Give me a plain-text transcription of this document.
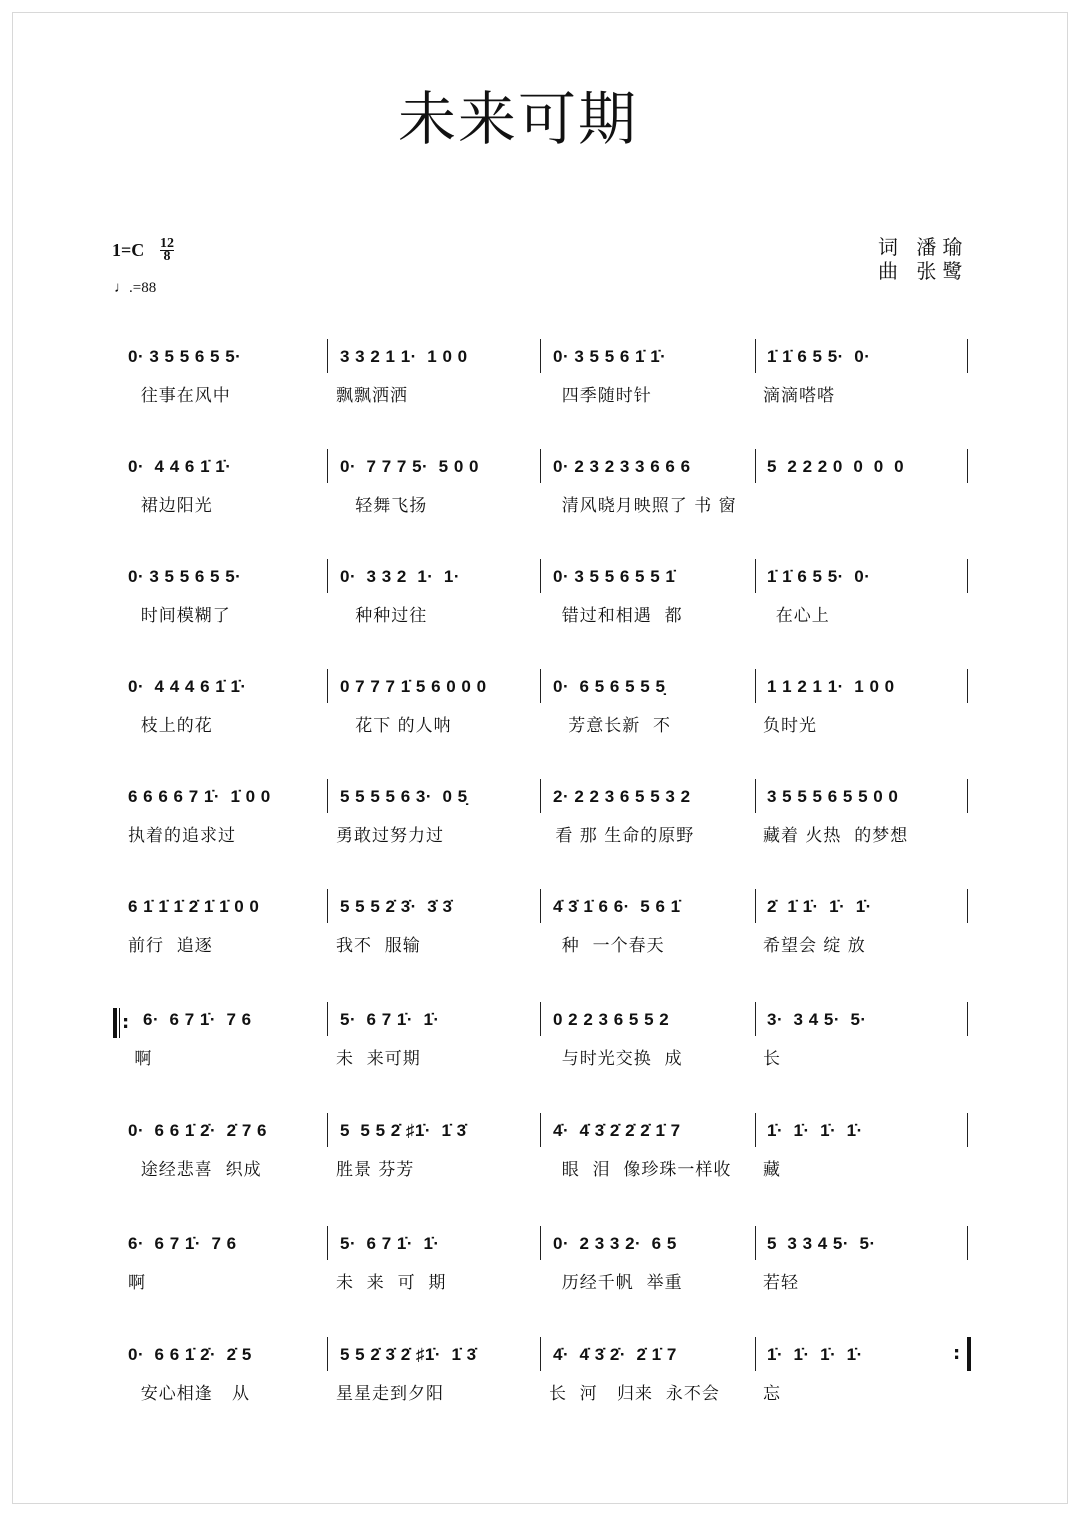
未来可期
1=C 12
8
♩.=88
词 潘瑜
曲 张鹭
0· 3 5 5 6 5 5·
往事在风中
3 3 2 1 1·  1 0 0
飘飘洒洒
0· 3 5 5 6 1̇ 1̇·
四季随时针
1̇ 1̇ 6 5 5·  0·
滴滴嗒嗒
0·  4 4 6 1̇ 1̇·
裙边阳光
0·  7 7 7 5·  5 0 0
轻舞飞扬
0· 2 3 2 3 3 6 6 6
清风晓月映照了 书 窗
5  2 2 2 0  0  0  0
0· 3 5 5 6 5 5·
时间模糊了
0·  3 3 2  1·  1·
种种过往
0· 3 5 5 6 5 5 1̇
错过和相遇  都
1̇ 1̇ 6 5 5·  0·
在心上
0·  4 4 4 6 1̇ 1̇·
枝上的花
0 7 7 7 1̇ 5 6 0 0 0
花下 的人呐
0·  6 5 6 5 5 5̣
芳意长新  不
1 1 2 1 1·  1 0 0
负时光
6 6 6 6 7 1̇·  1̇ 0 0
执着的追求过
5 5 5 5 6 3·  0 5̣
勇敢过努力过
2· 2 2 3 6 5 5 3 2
看 那 生命的原野
3 5 5 5 6 5 5 0 0
藏着 火热  的梦想
6 1̇ 1̇ 1̇ 2̇ 1̇ 1̇ 0 0
前行  追逐
5 5 5 2̇ 3̇·  3̇ 3̇
我不  服输
4̇ 3̇ 1̇ 6 6·  5 6 1̇
种  一个春天
2̇  1̇ 1̇·  1̇·  1̇·
希望会 绽 放
6·  6 7 1̇·  7 6
啊
5·  6 7 1̇·  1̇·
未  来可期
0 2 2 3 6 5 5 2
与时光交换  成
3·  3 4 5·  5·
长
:
0·  6 6 1̇ 2̇·  2̇ 7 6
途经悲喜  织成
5  5 5 2̇ ♯1̇·  1̇ 3̇
胜景 芬芳
4̇·  4̇ 3̇ 2̇ 2̇ 2̇ 1̇ 7
眼  泪  像珍珠一样收
1̇·  1̇·  1̇·  1̇·
藏
6·  6 7 1̇·  7 6
啊
5·  6 7 1̇·  1̇·
未  来  可  期
0·  2 3 3 2·  6 5
历经千帆  举重
5  3 3 4 5·  5·
若轻
0·  6 6 1̇ 2̇·  2̇ 5
安心相逢   从
5 5 2̇ 3̇ 2̇ ♯1̇·  1̇ 3̇
星星走到夕阳
4̇·  4̇ 3̇ 2̇·  2̇ 1̇ 7
长  河   归来  永不会
1̇·  1̇·  1̇·  1̇·
忘
:
